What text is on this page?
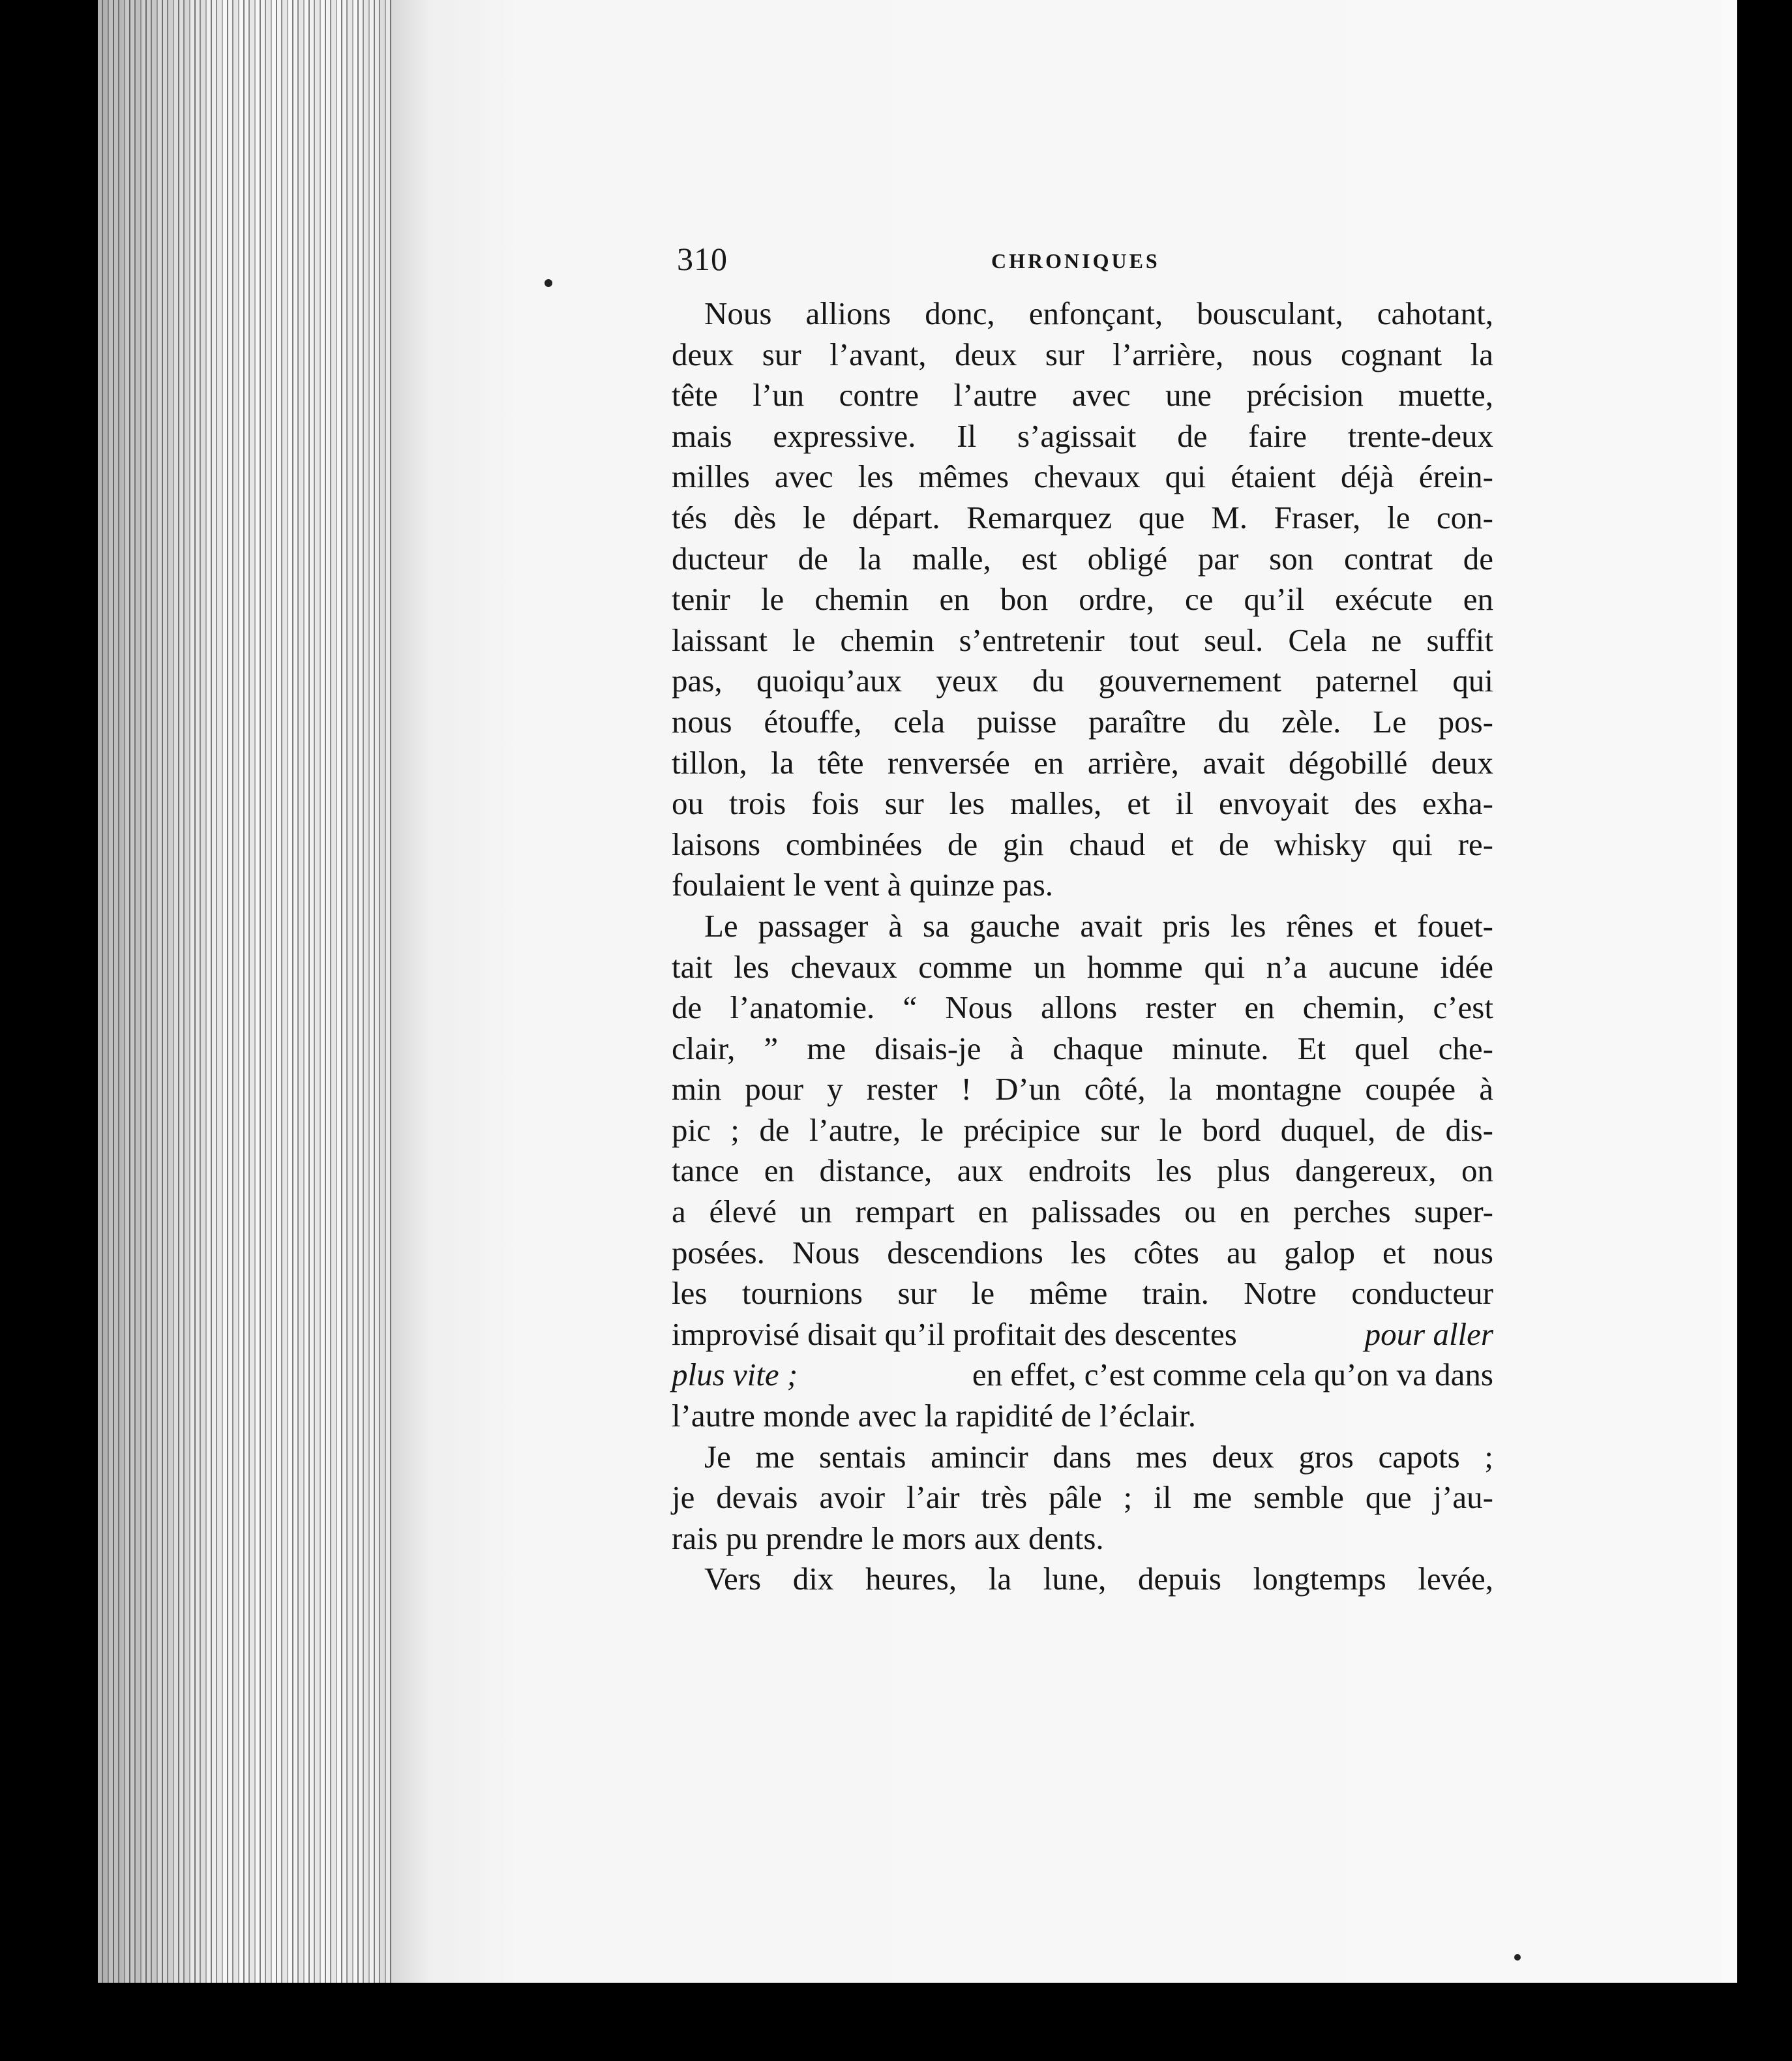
310	CHRONIQUES

Nous allions donc, enfonçant, bousculant, cahotant,
deux sur l’avant, deux sur l’arrière, nous cognant la
tête l’un contre l’autre avec une précision muette,
mais expressive. Il s’agissait de faire trente-deux
milles avec les mêmes chevaux qui étaient déjà érein-
tés dès le départ. Remarquez que M. Fraser, le con-
ducteur de la malle, est obligé par son contrat de
tenir le chemin en bon ordre, ce qu’il exécute en
laissant le chemin s’entretenir tout seul. Cela ne suffit
pas, quoiqu’aux yeux du gouvernement paternel qui
nous étouffe, cela puisse paraître du zèle. Le pos-
tillon, la tête renversée en arrière, avait dégobillé deux
ou trois fois sur les malles, et il envoyait des exha-
laisons combinées de gin chaud et de whisky qui re-
foulaient le vent à quinze pas.

Le passager à sa gauche avait pris les rênes et fouet-
tait les chevaux comme un homme qui n’a aucune idée
de l’anatomie. “ Nous allons rester en chemin, c’est
clair, ” me disais-je à chaque minute. Et quel che-
min pour y rester ! D’un côté, la montagne coupée à
pic ; de l’autre, le précipice sur le bord duquel, de dis-
tance en distance, aux endroits les plus dangereux, on
a élevé un rempart en palissades ou en perches super-
posées. Nous descendions les côtes au galop et nous
les tournions sur le même train. Notre conducteur
improvisé disait qu’il profitait des descentes	pour aller
plus vite ;	en effet, c’est comme cela qu’on va dans
l’autre monde avec la rapidité de l’éclair.

Je me sentais amincir dans mes deux gros capots ;
je devais avoir l’air très pâle ; il me semble que j’au-
rais pu prendre le mors aux dents.

Vers dix heures, la lune, depuis longtemps levée,
